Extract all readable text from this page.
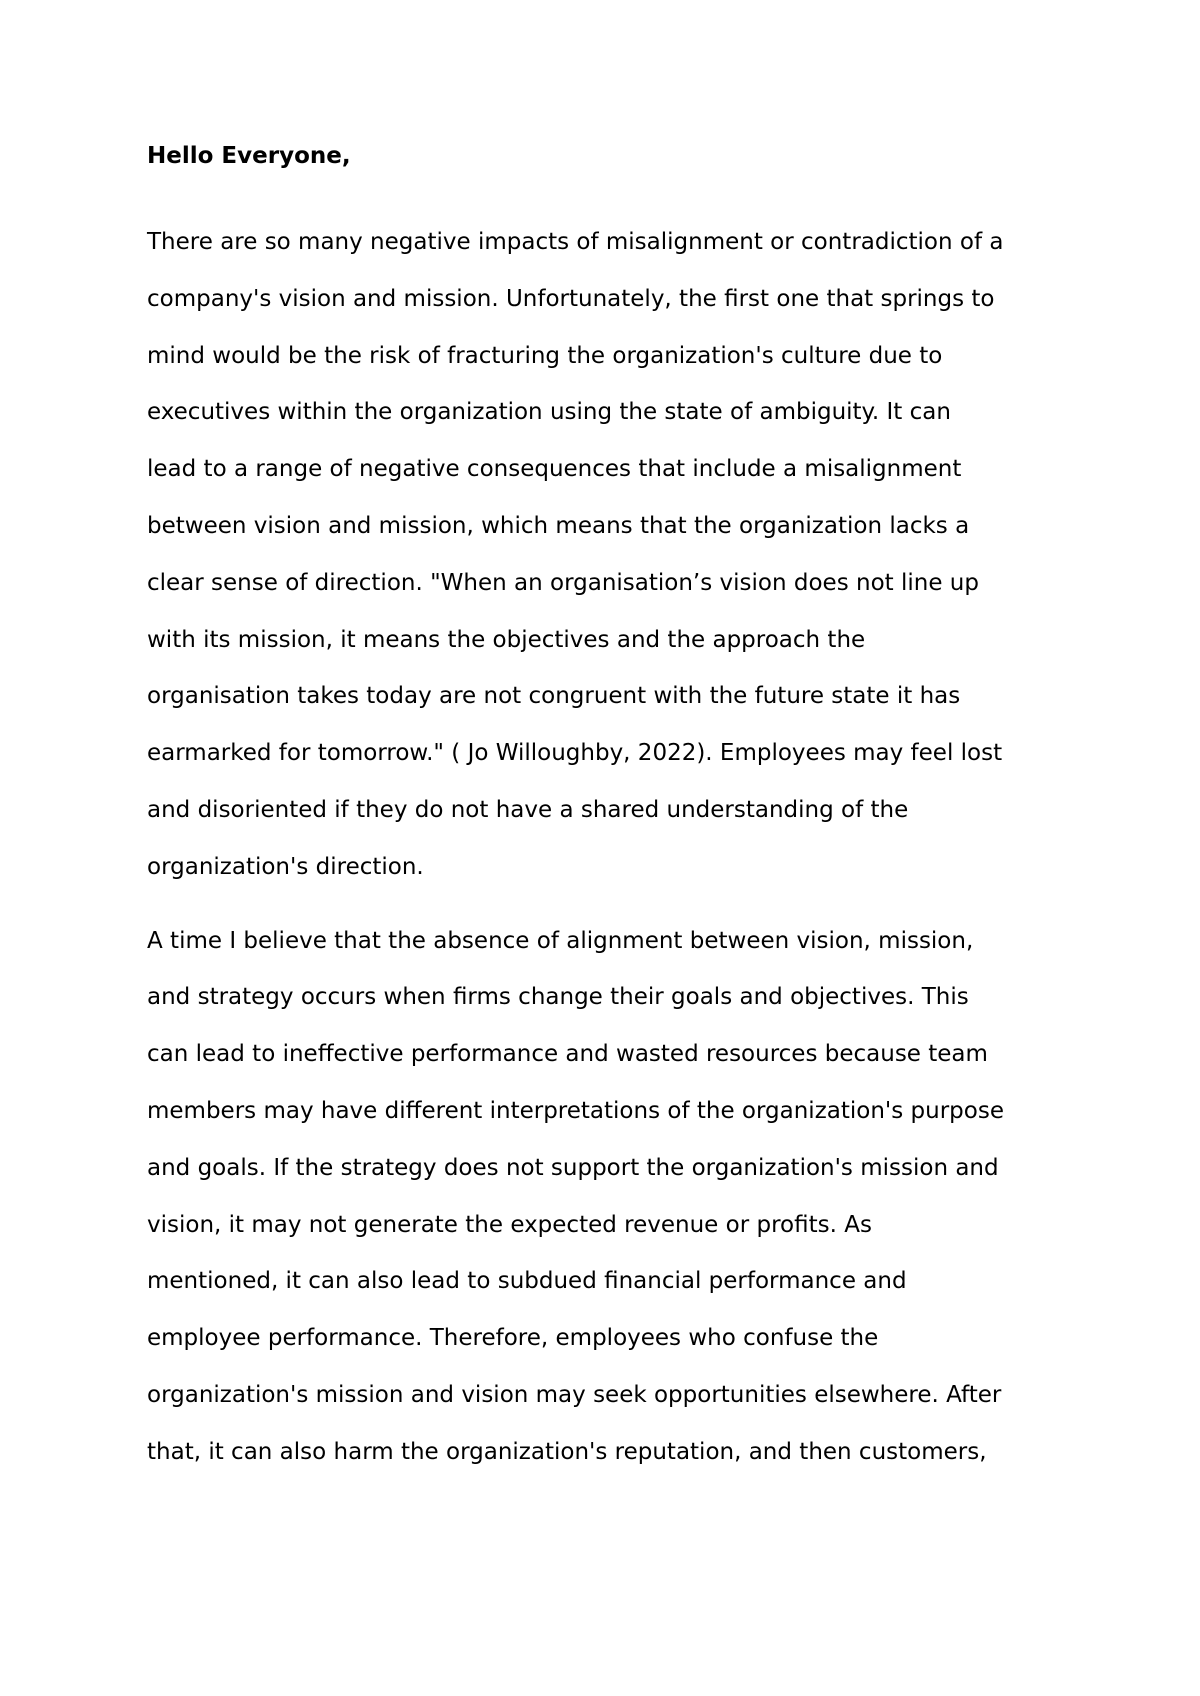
Hello Everyone,
There are so many negative impacts of misalignment or contradiction of a
company's vision and mission. Unfortunately, the first one that springs to
mind would be the risk of fracturing the organization's culture due to
executives within the organization using the state of ambiguity. It can
lead to a range of negative consequences that include a misalignment
between vision and mission, which means that the organization lacks a
clear sense of direction. "When an organisation’s vision does not line up
with its mission, it means the objectives and the approach the
organisation takes today are not congruent with the future state it has
earmarked for tomorrow." ( Jo Willoughby, 2022). Employees may feel lost
and disoriented if they do not have a shared understanding of the
organization's direction.
A time I believe that the absence of alignment between vision, mission,
and strategy occurs when firms change their goals and objectives. This
can lead to ineffective performance and wasted resources because team
members may have different interpretations of the organization's purpose
and goals. If the strategy does not support the organization's mission and
vision, it may not generate the expected revenue or profits. As
mentioned, it can also lead to subdued financial performance and
employee performance. Therefore, employees who confuse the
organization's mission and vision may seek opportunities elsewhere. After
that, it can also harm the organization's reputation, and then customers,
